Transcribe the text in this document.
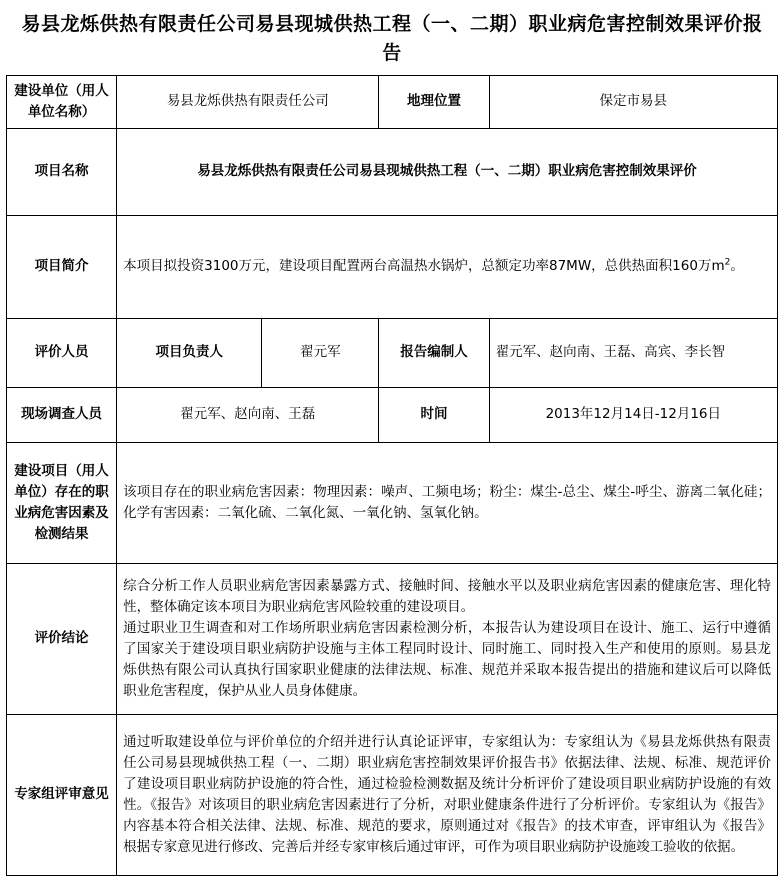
易县龙烁供热有限责任公司易县现城供热工程（一、二期）职业病危害控制效果评价报告
建设单位（用人单位名称）	易县龙烁供热有限责任公司		地理位置	保定市易县
项目名称	易县龙烁供热有限责任公司易县现城供热工程（一、二期）职业病危害控制效果评价			
项目简介	本项目拟投资3100万元，建设项目配置两台高温热水锅炉，总额定功率87MW，总供热面积160万$m^2$。			
评价人员	项目负责人	翟元军	报告编制人	翟元军、赵向南、王磊、高宾、李长智
现场调查人员	翟元军、赵向南、王磊		时间	2013年12月14日-12月16日
建设项目（用人单位）存在的职业病危害因素及检测结果	该项目存在的职业病危害因素：物理因素：噪声、工频电场；粉尘：煤尘-总尘、煤尘-呼尘、游离二氧化硅；化学有害因素：二氧化硫、二氧化氮、一氧化钠、氢氧化钠。			
评价结论	综合分析工作人员职业病危害因素暴露方式、接触时间、接触水平以及职业病危害因素的健康危害、理化特性，整体确定该本项目为职业病危害风险较重的建设项目。

通过职业卫生调查和对工作场所职业病危害因素检测分析，本报告认为建设项目在设计、施工、运行中遵循了国家关于建设项目职业病防护设施与主体工程同时设计、同时施工、同时投入生产和使用的原则。易县龙烁供热有限公司认真执行国家职业健康的法律法规、标准、规范并采取本报告提出的措施和建议后可以降低职业危害程度，保护从业人员身体健康。			

专家组评审意见	通过听取建设单位与评价单位的介绍并进行认真论证评审，专家组认为：专家组认为《易县龙烁供热有限责任公司易县现城供热工程（一、二期）职业病危害控制效果评价报告书》依据法律、法规、标准、规范评价了建设项目职业病防护设施的符合性，通过检验检测数据及统计分析评价了建设项目职业病防护设施的有效性。《报告》对该项目的职业病危害因素进行了分析，对职业健康条件进行了分析评价。专家组认为《报告》内容基本符合相关法律、法规、标准、规范的要求，原则通过对《报告》的技术审查，评审组认为《报告》根据专家意见进行修改、完善后并经专家审核后通过审评，可作为项目职业病防护设施竣工验收的依据。			
